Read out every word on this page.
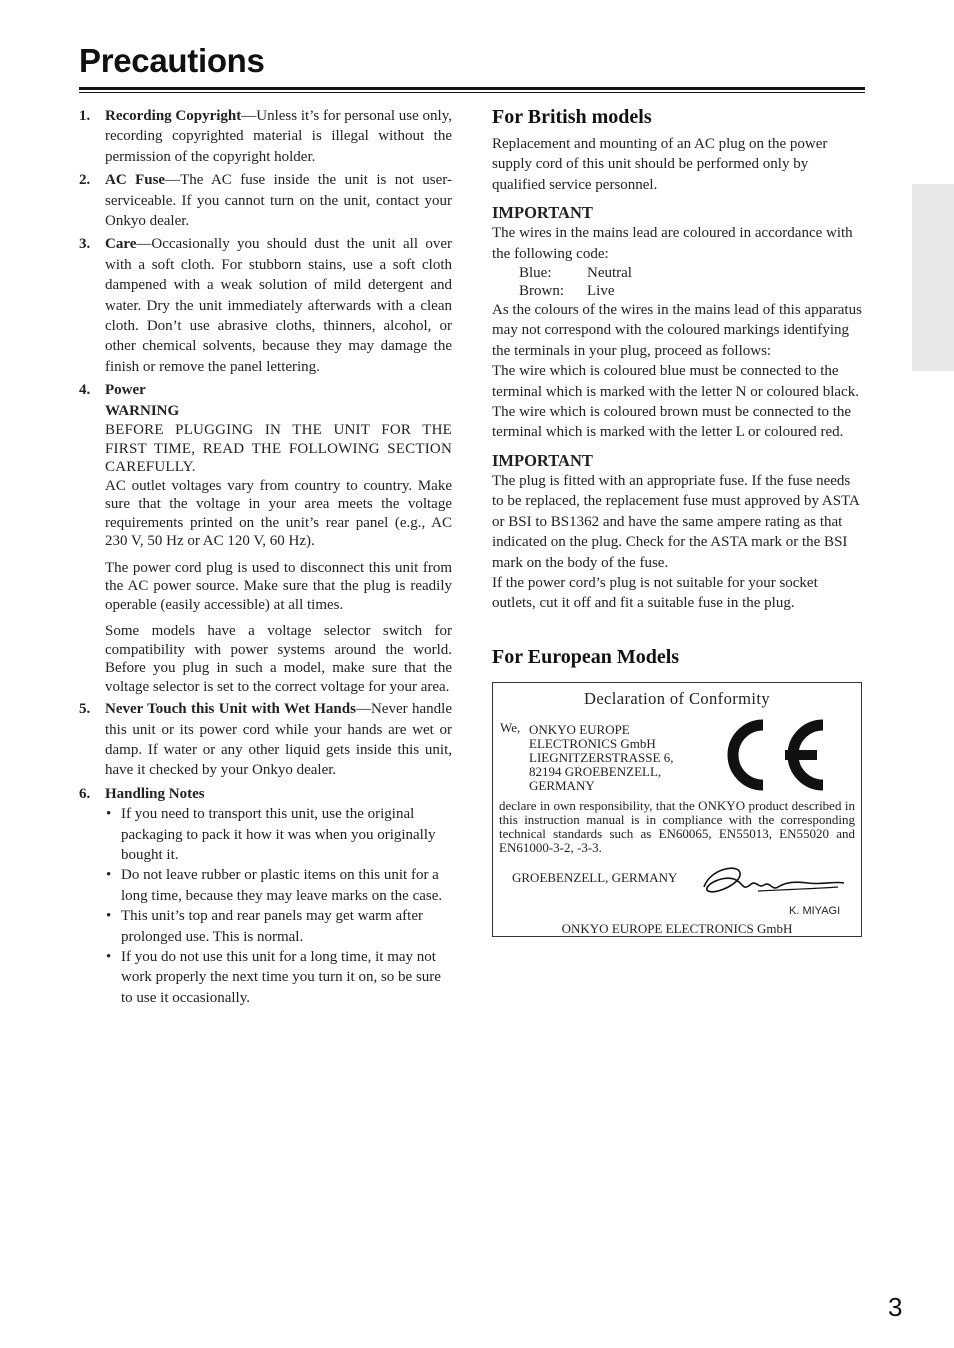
Precautions
1. Recording Copyright—Unless it’s for personal use only, recording copyrighted material is illegal without the permission of the copyright holder.
2. AC Fuse—The AC fuse inside the unit is not user-serviceable. If you cannot turn on the unit, contact your Onkyo dealer.
3. Care—Occasionally you should dust the unit all over with a soft cloth. For stubborn stains, use a soft cloth dampened with a weak solution of mild detergent and water. Dry the unit immediately afterwards with a clean cloth. Don’t use abrasive cloths, thinners, alcohol, or other chemical solvents, because they may damage the finish or remove the panel lettering.
4. Power
WARNING
BEFORE PLUGGING IN THE UNIT FOR THE FIRST TIME, READ THE FOLLOWING SECTION CAREFULLY.
AC outlet voltages vary from country to country. Make sure that the voltage in your area meets the voltage requirements printed on the unit’s rear panel (e.g., AC 230 V, 50 Hz or AC 120 V, 60 Hz).
The power cord plug is used to disconnect this unit from the AC power source. Make sure that the plug is readily operable (easily accessible) at all times.
Some models have a voltage selector switch for compatibility with power systems around the world. Before you plug in such a model, make sure that the voltage selector is set to the correct voltage for your area.
5. Never Touch this Unit with Wet Hands—Never handle this unit or its power cord while your hands are wet or damp. If water or any other liquid gets inside this unit, have it checked by your Onkyo dealer.
6. Handling Notes
• If you need to transport this unit, use the original packaging to pack it how it was when you originally bought it.
• Do not leave rubber or plastic items on this unit for a long time, because they may leave marks on the case.
• This unit’s top and rear panels may get warm after prolonged use. This is normal.
• If you do not use this unit for a long time, it may not work properly the next time you turn it on, so be sure to use it occasionally.
For British models
Replacement and mounting of an AC plug on the power supply cord of this unit should be performed only by qualified service personnel.
IMPORTANT
The wires in the mains lead are coloured in accordance with the following code:
Blue:	Neutral
Brown:	Live
As the colours of the wires in the mains lead of this apparatus may not correspond with the coloured markings identifying the terminals in your plug, proceed as follows:
The wire which is coloured blue must be connected to the terminal which is marked with the letter N or coloured black.
The wire which is coloured brown must be connected to the terminal which is marked with the letter L or coloured red.
IMPORTANT
The plug is fitted with an appropriate fuse. If the fuse needs to be replaced, the replacement fuse must approved by ASTA or BSI to BS1362 and have the same ampere rating as that indicated on the plug. Check for the ASTA mark or the BSI mark on the body of the fuse.
If the power cord’s plug is not suitable for your socket outlets, cut it off and fit a suitable fuse in the plug.
For European Models
Declaration of Conformity
We, ONKYO EUROPE
ELECTRONICS GmbH
LIEGNITZERSTRASSE 6,
82194 GROEBENZELL,
GERMANY
declare in own responsibility, that the ONKYO product described in this instruction manual is in compliance with the corresponding technical standards such as EN60065, EN55013, EN55020 and EN61000-3-2, -3-3.
GROEBENZELL, GERMANY
K. MIYAGI
ONKYO EUROPE ELECTRONICS GmbH
3
